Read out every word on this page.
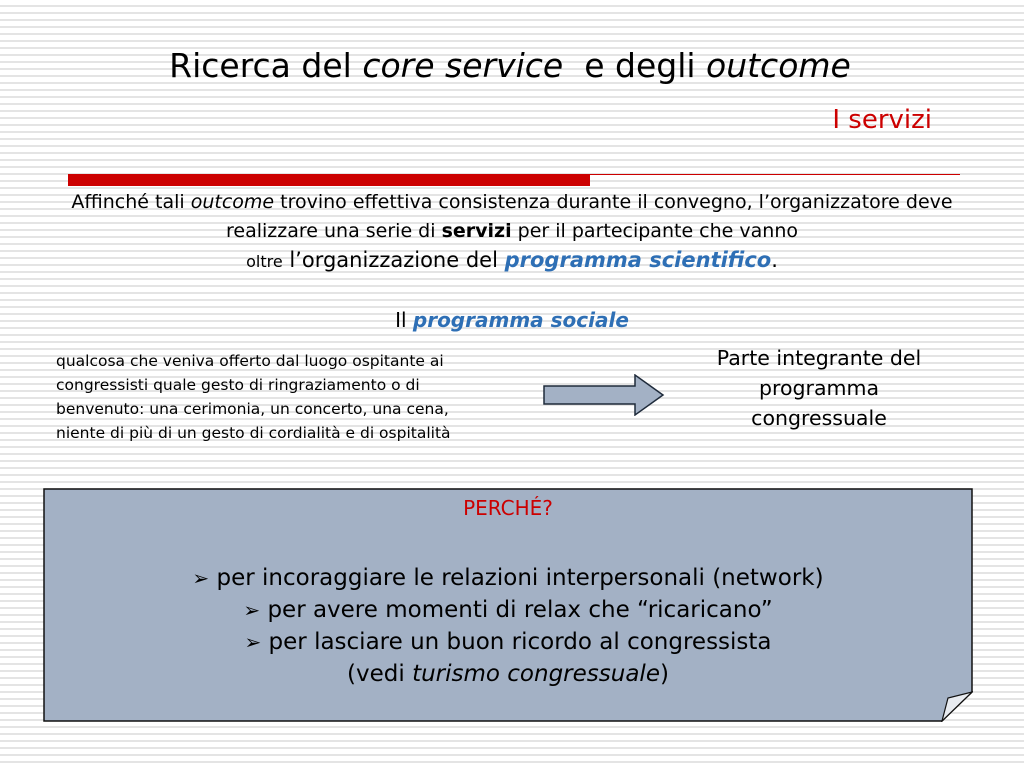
Ricerca del core service  e degli outcome
I servizi
Affinché tali outcome trovino effettiva consistenza durante il convegno, l’organizzatore deve realizzare una serie di servizi per il partecipante che vanno
oltre l’organizzazione del programma scientifico.
Il programma sociale
qualcosa che veniva offerto dal luogo ospitante ai congressisti quale gesto di ringraziamento o di benvenuto: una cerimonia, un concerto, una cena, niente di più di un gesto di cordialità e di ospitalità
Parte integrante del programma congressuale
PERCHÉ?
➢ per incoraggiare le relazioni interpersonali (network)
➢ per avere momenti di relax che “ricaricano”
➢ per lasciare un buon ricordo al congressista
(vedi turismo congressuale)
